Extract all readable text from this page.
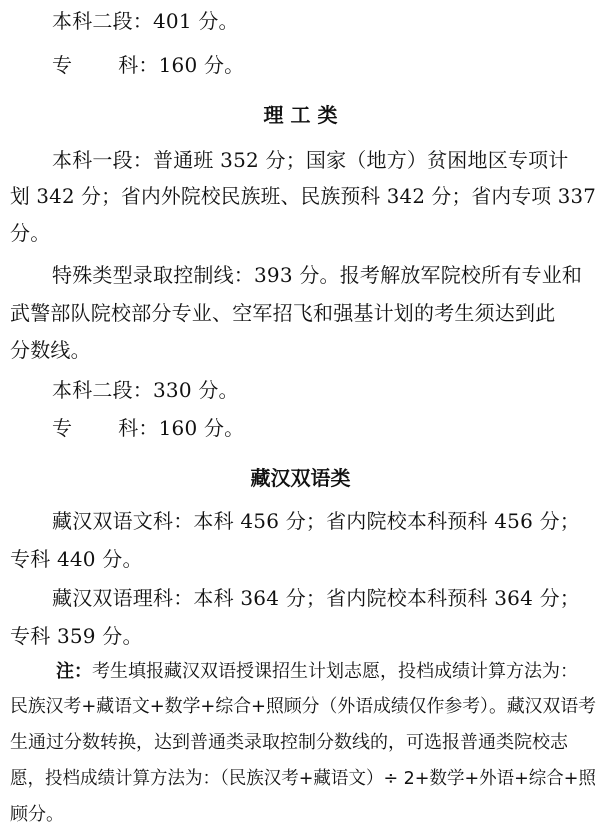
本科二段：401 分。
专 科：160 分。
理 工 类
本科一段：普通班 352 分；国家（地方）贫困地区专项计
划 342 分；省内外院校民族班、民族预科 342 分；省内专项 337
分。
特殊类型录取控制线：393 分。报考解放军院校所有专业和
武警部队院校部分专业、空军招飞和强基计划的考生须达到此
分数线。
本科二段：330 分。
专 科：160 分。
藏汉双语类
藏汉双语文科：本科 456 分；省内院校本科预科 456 分；
专科 440 分。
藏汉双语理科：本科 364 分；省内院校本科预科 364 分；
专科 359 分。
注：考生填报藏汉双语授课招生计划志愿，投档成绩计算方法为：
民族汉考+藏语文+数学+综合+照顾分（外语成绩仅作参考）。藏汉双语考
生通过分数转换，达到普通类录取控制分数线的，可选报普通类院校志
愿，投档成绩计算方法为：（民族汉考+藏语文）÷ 2+数学+外语+综合+照
顾分。
